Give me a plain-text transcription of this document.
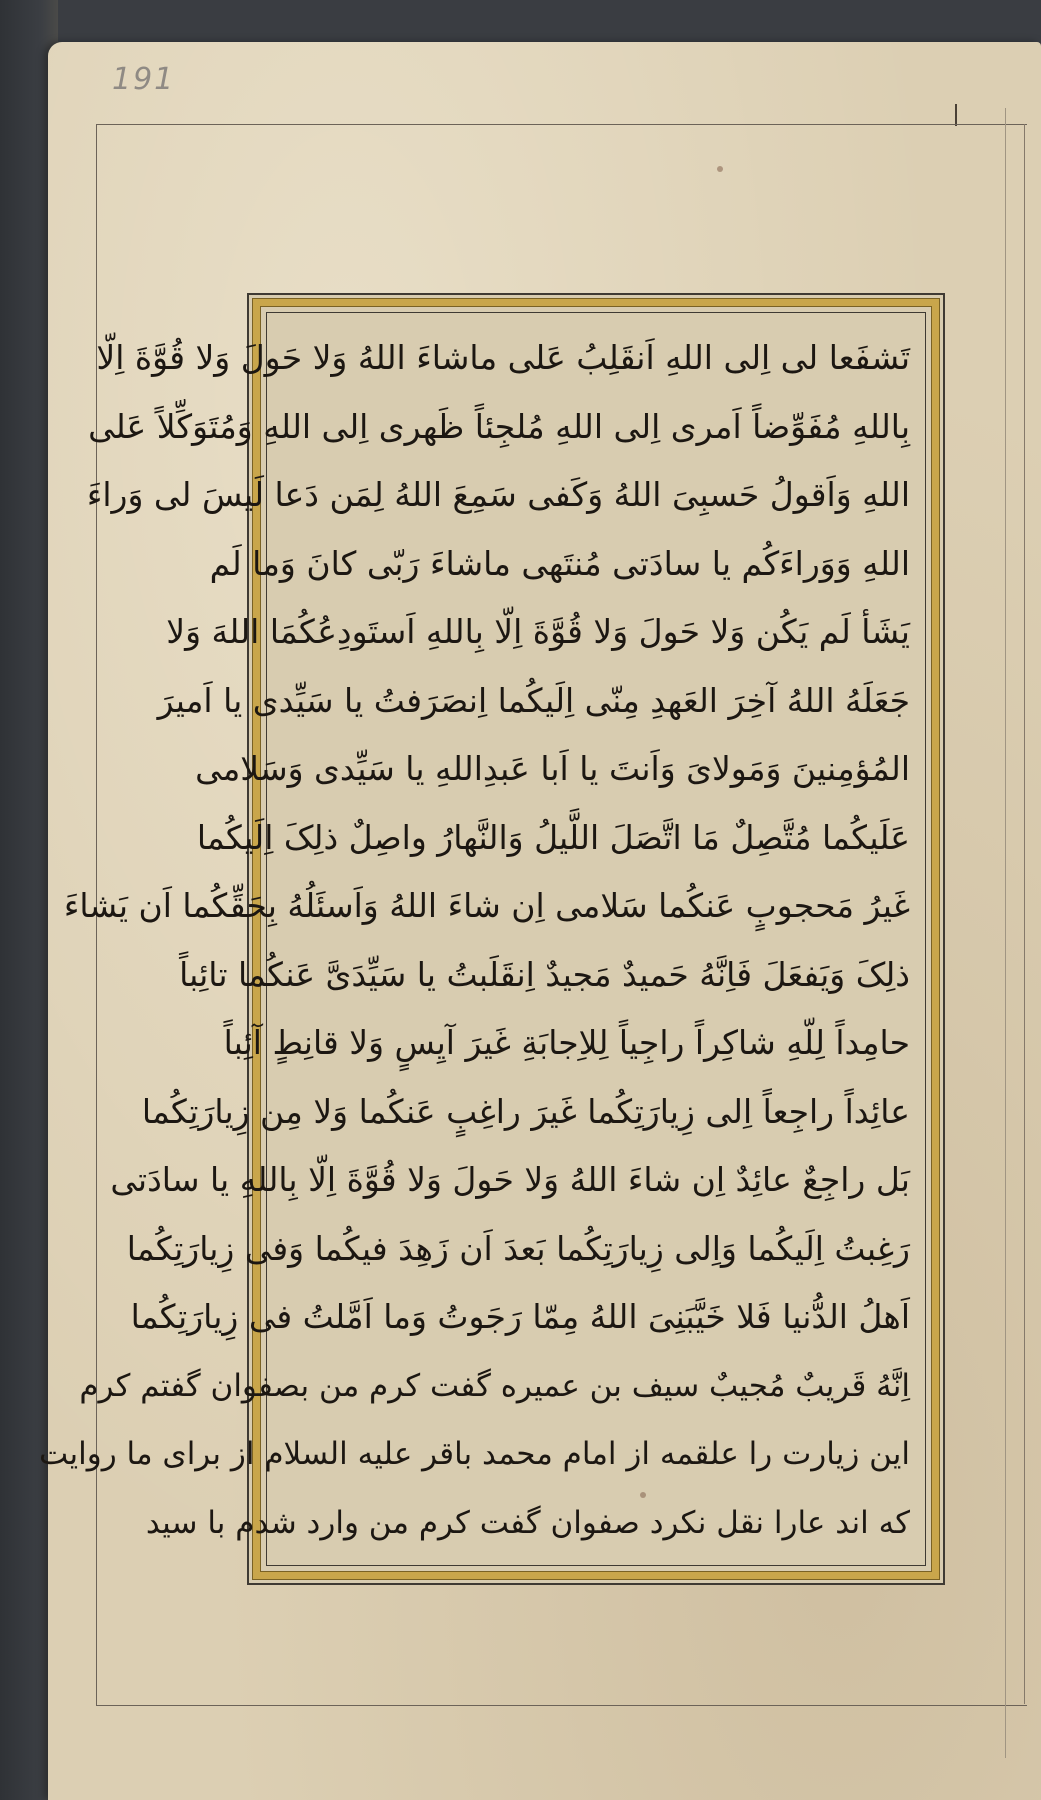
191
تَشفَعا لی اِلی اللهِ اَنقَلِبُ عَلی ماشاءَ اللهُ وَلا حَولَ وَلا قُوَّةَ اِلّا
بِاللهِ مُفَوِّضاً اَمری اِلی اللهِ مُلجِئاً ظَهری اِلی اللهِ وَمُتَوَکِّلاً عَلی
اللهِ وَاَقولُ حَسبِیَ اللهُ وَکَفی سَمِعَ اللهُ لِمَن دَعا لَیسَ لی وَراءَ
اللهِ وَوَراءَکُم یا سادَتی مُنتَهی ماشاءَ رَبّی کانَ وَما لَم
یَشَأ لَم یَکُن وَلا حَولَ وَلا قُوَّةَ اِلّا بِاللهِ اَستَودِعُکُمَا اللهَ وَلا
جَعَلَهُ اللهُ آخِرَ العَهدِ مِنّی اِلَیکُما اِنصَرَفتُ یا سَیِّدی یا اَمیرَ
المُؤمِنینَ وَمَولایَ وَاَنتَ یا اَبا عَبدِاللهِ یا سَیِّدی وَسَلامی
عَلَیکُما مُتَّصِلٌ مَا اتَّصَلَ اللَّیلُ وَالنَّهارُ واصِلٌ ذلِکَ اِلَیکُما
غَیرُ مَحجوبٍ عَنکُما سَلامی اِن شاءَ اللهُ وَاَسئَلُهُ بِحَقِّکُما اَن یَشاءَ
ذلِکَ وَیَفعَلَ فَاِنَّهُ حَمیدٌ مَجیدٌ اِنقَلَبتُ یا سَیِّدَیَّ عَنکُما تائِباً
حامِداً لِلّهِ شاکِراً راجِیاً لِلاِجابَةِ غَیرَ آیِسٍ وَلا قانِطٍ آئِباً
عائِداً راجِعاً اِلی زِیارَتِکُما غَیرَ راغِبٍ عَنکُما وَلا مِن زِیارَتِکُما
بَل راجِعٌ عائِدٌ اِن شاءَ اللهُ وَلا حَولَ وَلا قُوَّةَ اِلّا بِاللهِ یا سادَتی
رَغِبتُ اِلَیکُما وَاِلی زِیارَتِکُما بَعدَ اَن زَهِدَ فیکُما وَفی زِیارَتِکُما
اَهلُ الدُّنیا فَلا خَیَّبَنِیَ اللهُ مِمّا رَجَوتُ وَما اَمَّلتُ فی زِیارَتِکُما
اِنَّهُ قَریبٌ مُجیبٌ سیف بن عمیره گفت کرم من بصفوان گفتم کرم
این زیارت را علقمه از امام محمد باقر علیه السلام از برای ما روایت
که اند عارا نقل نکرد صفوان گفت کرم من وارد شدم با سید
